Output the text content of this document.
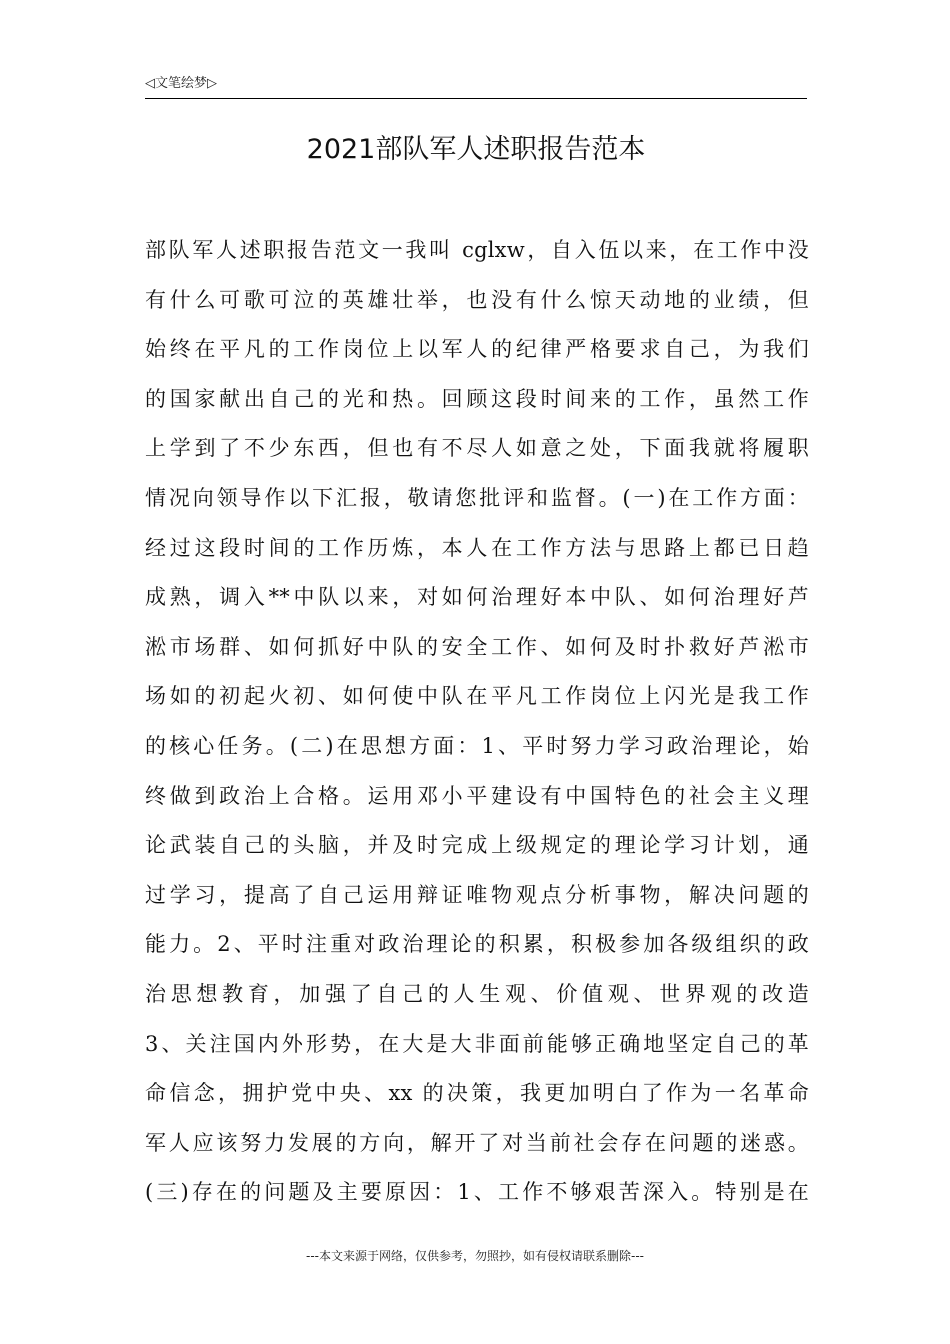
◁文笔绘梦▷
2021部队军人述职报告范本
部队军人述职报告范文一我叫 cglxw，自入伍以来，在工作中没
有什么可歌可泣的英雄壮举，也没有什么惊天动地的业绩，但
始终在平凡的工作岗位上以军人的纪律严格要求自己，为我们
的国家献出自己的光和热。回顾这段时间来的工作，虽然工作
上学到了不少东西，但也有不尽人如意之处，下面我就将履职
情况向领导作以下汇报，敬请您批评和监督。(一)在工作方面：
经过这段时间的工作历炼，本人在工作方法与思路上都已日趋
成熟，调入**中队以来，对如何治理好本中队、如何治理好芦
淞市场群、如何抓好中队的安全工作、如何及时扑救好芦淞市
场如的初起火初、如何使中队在平凡工作岗位上闪光是我工作
的核心任务。(二)在思想方面：1、平时努力学习政治理论，始
终做到政治上合格。运用邓小平建设有中国特色的社会主义理
论武装自己的头脑，并及时完成上级规定的理论学习计划，通
过学习，提高了自己运用辩证唯物观点分析事物，解决问题的
能力。2、平时注重对政治理论的积累，积极参加各级组织的政
治思想教育，加强了自己的人生观、价值观、世界观的改造
3、关注国内外形势，在大是大非面前能够正确地坚定自己的革
命信念，拥护党中央、xx 的决策，我更加明白了作为一名革命
军人应该努力发展的方向，解开了对当前社会存在问题的迷惑。
(三)存在的问题及主要原因：1、工作不够艰苦深入。特别是在
---本文来源于网络，仅供参考，勿照抄，如有侵权请联系删除---
